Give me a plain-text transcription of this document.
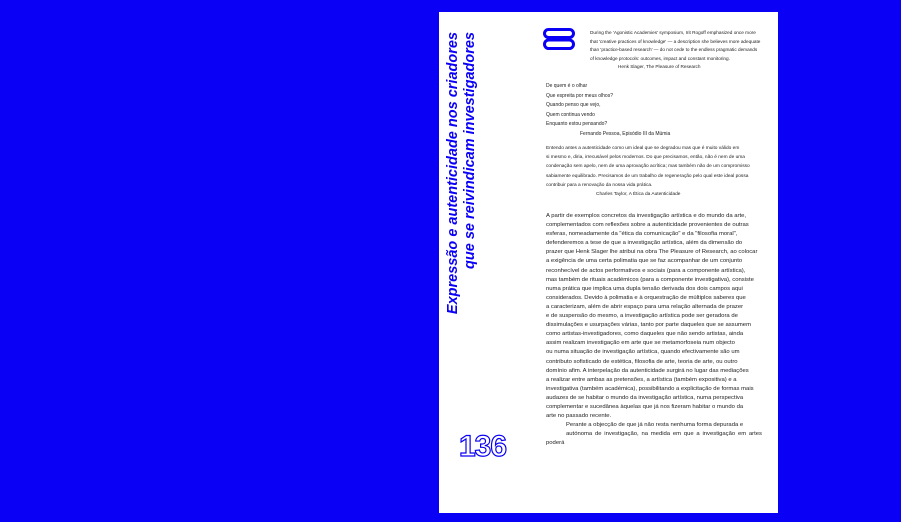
Expressão e autenticidade nos criadores que se reivindicam investigadores
136
8
During the 'Agonistic Academies' symposium, Irit Rogoff emphasized once more
that 'creative practices of knowledge' — a description she believes more adequate
than 'practice-based research' — do not cede to the endless pragmatic demands
of knowledge protocols: outcomes, impact and constant monitoring.
Henk Slager, The Pleasure of Research
De quem é o olhar
Que espreita por meus olhos?
Quando penso que vejo,
Quem continua vendo
Enquanto estou pensando?
Fernando Pessoa, Episódio III da Múmia
Entendo antes a autenticidade como um ideal que se degradou mas que é muito válido em
si mesmo e, diria, irrecusável pelos modernos. Do que precisamos, então, não é nem de uma
condenação sem apelo, nem de uma aprovação acrítica; mas também não de um compromisso
sabiamente equilibrado. Precisamos de um trabalho de regeneração pelo qual este ideal possa
contribuir para a renovação da nossa vida prática.
Charles Taylor, A Ética da Autenticidade

A partir de exemplos concretos da investigação artística e do mundo da arte,
complementados com reflexões sobre a autenticidade provenientes de outras
esferas, nomeadamente da "ética da comunicação" e da "filosofia moral",
defenderemos a tese de que a investigação artística, além da dimensão do
prazer que Henk Slager lhe atribui na obra The Pleasure of Research, ao colocar
a exigência de uma certa polimatia que se faz acompanhar de um conjunto
reconhecível de actos performativos e sociais (para a componente artística),
mas também de rituais académicos (para a componente investigativa), consiste
numa prática que implica uma dupla tensão derivada dos dois campos aqui
considerados. Devido à polimatia e à orquestração de múltiplos saberes que
a caracterizam, além de abrir espaço para uma relação alternada de prazer
e de suspensão do mesmo, a investigação artística pode ser geradora de
dissimulações e usurpações várias, tanto por parte daqueles que se assumem
como artistas-investigadores, como daqueles que não sendo artistas, ainda
assim realizam investigação em arte que se metamorfoseia num objecto
ou numa situação de investigação artística, quando efectivamente são um
contributo sofisticado de estética, filosofia de arte, teoria de arte, ou outro
domínio afim. A interpelação da autenticidade surgirá no lugar das mediações
a realizar entre ambas as pretensões, a artística (também expositiva) e a
investigativa (também académica), possibilitando a explicitação de formas mais
audazes de se habitar o mundo da investigação artística, numa perspectiva
complementar e sucedânea àquelas que já nos fizeram habitar o mundo da
arte no passado recente.

Perante a objecção de que já não resta nenhuma forma depurada e
autónoma de investigação, na medida em que a investigação em artes poderá
